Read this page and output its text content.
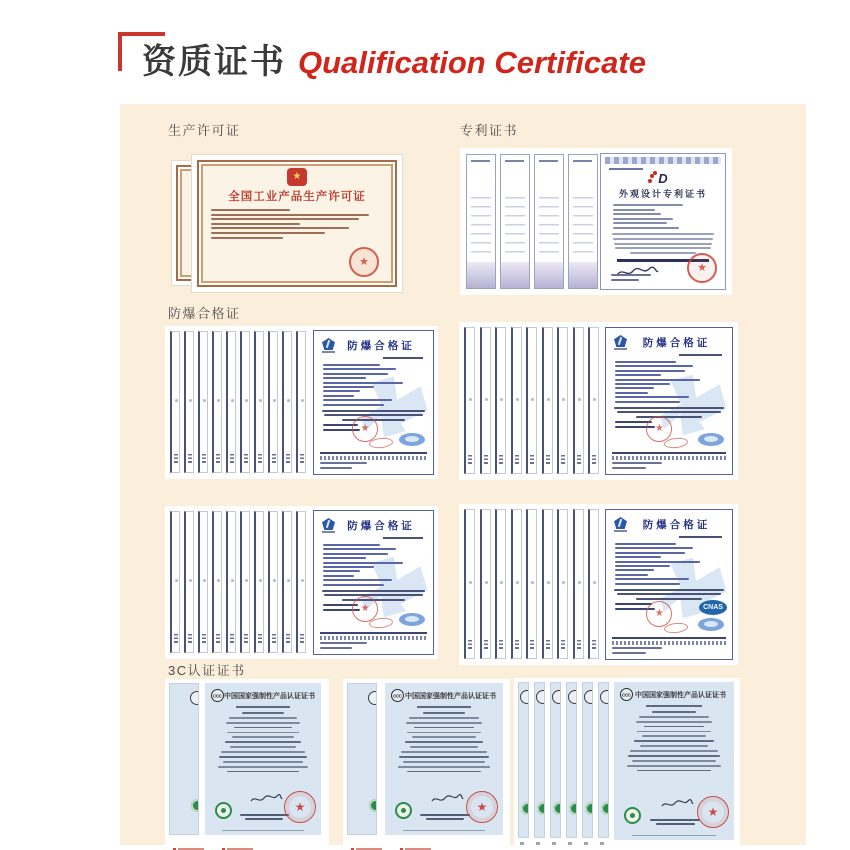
资质证书 Qualification Certificate
生产许可证	专利证书
防爆合格证
3C认证证书
★
全国工业产品生产许可证
★
D
外观设计专利证书
★
防爆合格证
★
防爆合格证
★
防爆合格证
★
防爆合格证
★
CNAS
CCC 中国国家强制性产品认证证书
★

CCC 中国国家强制性产品认证证书
★

CCC 中国国家强制性产品认证证书
★
